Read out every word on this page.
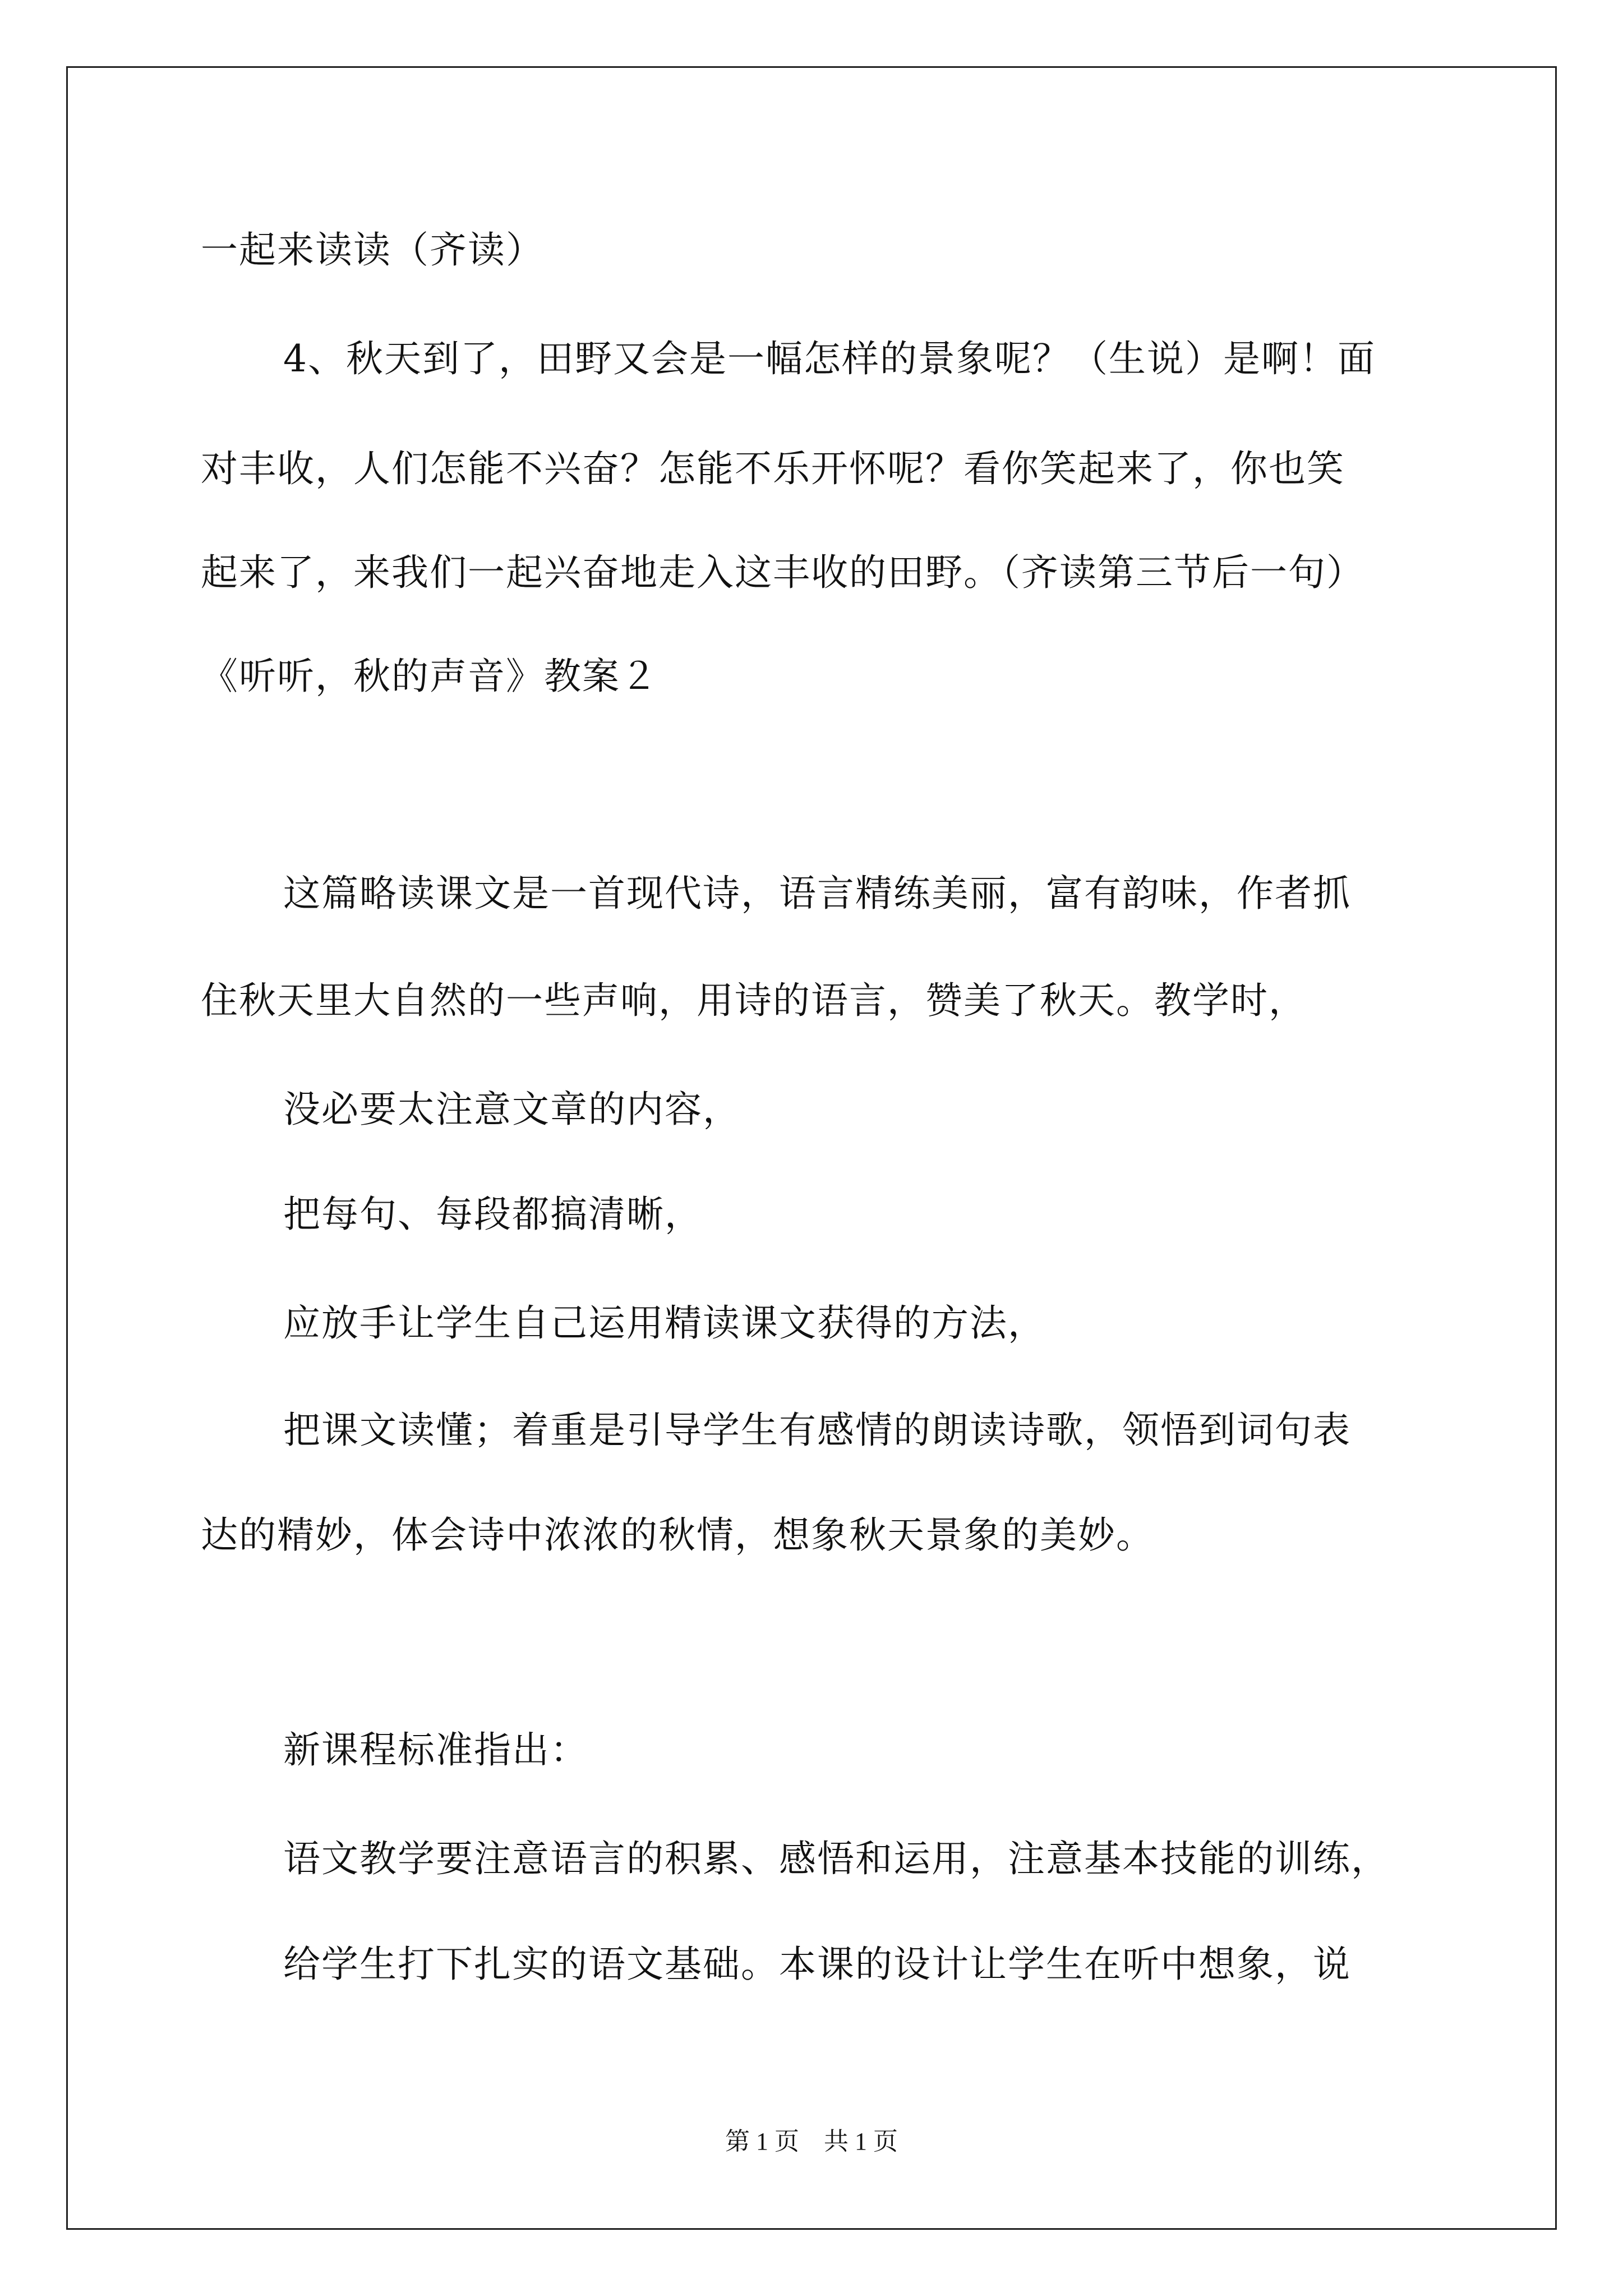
一起来读读（齐读）
4、秋天到了，田野又会是一幅怎样的景象呢？（生说）是啊！面
对丰收，人们怎能不兴奋？怎能不乐开怀呢？看你笑起来了，你也笑
起来了，来我们一起兴奋地走入这丰收的田野。（齐读第三节后一句）
《听听，秋的声音》教案２
这篇略读课文是一首现代诗，语言精练美丽，富有韵味，作者抓
住秋天里大自然的一些声响，用诗的语言，赞美了秋天。教学时，
没必要太注意文章的内容，
把每句、每段都搞清晰，
应放手让学生自己运用精读课文获得的方法，
把课文读懂；着重是引导学生有感情的朗读诗歌，领悟到词句表
达的精妙，体会诗中浓浓的秋情，想象秋天景象的美妙。
新课程标准指出：
语文教学要注意语言的积累、感悟和运用，注意基本技能的训练，
给学生打下扎实的语文基础。本课的设计让学生在听中想象，说
第 1 页　共 1 页
